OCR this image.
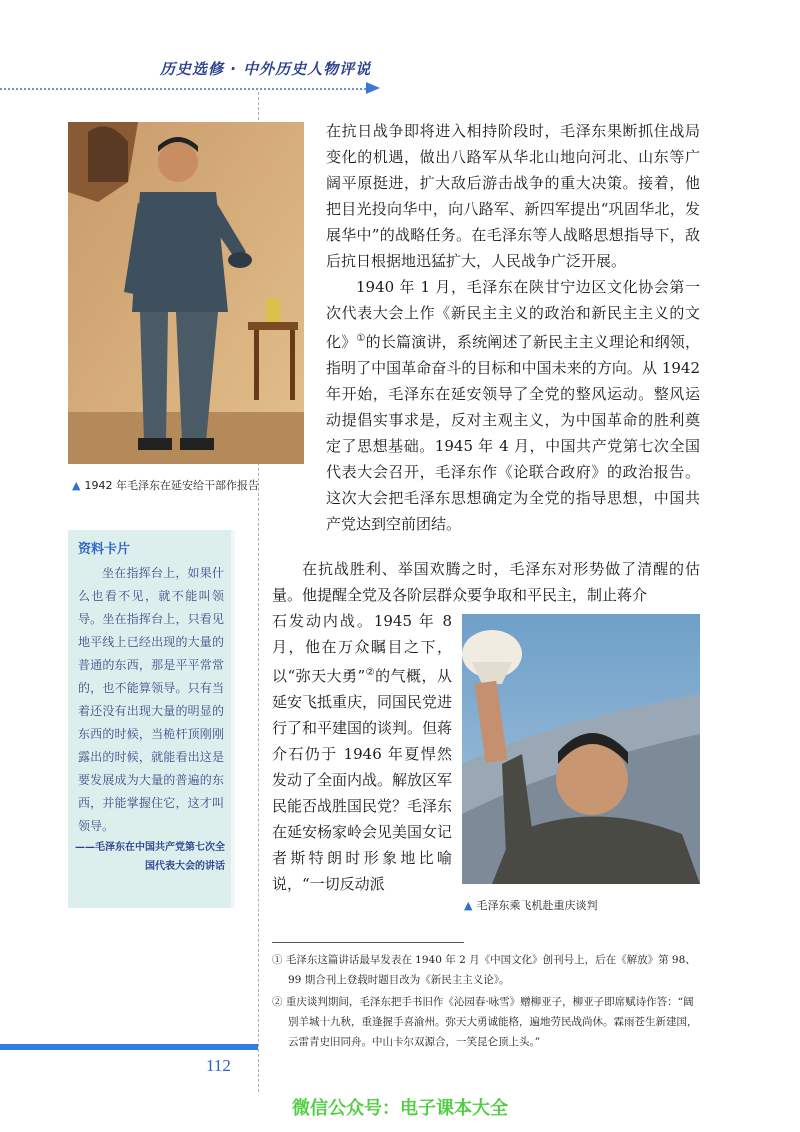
历史选修 · 中外历史人物评说
▲ 1942 年毛泽东在延安给干部作报告

在抗日战争即将进入相持阶段时，毛泽东果断抓住战局变化的机遇，做出八路军从华北山地向河北、山东等广阔平原挺进，扩大敌后游击战争的重大决策。接着，他把目光投向华中，向八路军、新四军提出“巩固华北，发展华中”的战略任务。在毛泽东等人战略思想指导下，敌后抗日根据地迅猛扩大，人民战争广泛开展。

1940 年 1 月，毛泽东在陕甘宁边区文化协会第一次代表大会上作《新民主主义的政治和新民主主义的文化》①的长篇演讲，系统阐述了新民主主义理论和纲领，指明了中国革命奋斗的目标和中国未来的方向。从 1942 年开始，毛泽东在延安领导了全党的整风运动。整风运动提倡实事求是，反对主观主义，为中国革命的胜利奠定了思想基础。1945 年 4 月，中国共产党第七次全国代表大会召开，毛泽东作《论联合政府》的政治报告。这次大会把毛泽东思想确定为全党的指导思想，中国共产党达到空前团结。

资料卡片
坐在指挥台上，如果什么也看不见，就不能叫领导。坐在指挥台上，只看见地平线上已经出现的大量的普通的东西，那是平平常常的，也不能算领导。只有当着还没有出现大量的明显的东西的时候，当桅杆顶刚刚露出的时候，就能看出这是要发展成为大量的普遍的东西，并能掌握住它，这才叫领导。
——毛泽东在中国共产党第七次全国代表大会的讲话

在抗战胜利、举国欢腾之时，毛泽东对形势做了清醒的估量。他提醒全党及各阶层群众要争取和平民主，制止蒋介

石发动内战。1945 年 8 月，他在万众瞩目之下，以“弥天大勇”②的气概，从延安飞抵重庆，同国民党进行了和平建国的谈判。但蒋介石仍于 1946 年夏悍然发动了全面内战。解放区军民能否战胜国民党？毛泽东在延安杨家岭会见美国女记者斯特朗时形象地比喻说，“一切反动派

▲ 毛泽东乘飞机赴重庆谈判

① 毛泽东这篇讲话最早发表在 1940 年 2 月《中国文化》创刊号上，后在《解放》第 98、99 期合刊上登载时题目改为《新民主主义论》。

② 重庆谈判期间，毛泽东把手书旧作《沁园春·咏雪》赠柳亚子，柳亚子即席赋诗作答：“阔别羊城十九秋，重逢握手喜渝州。弥天大勇诚能格，遍地劳民战尚休。霖雨苍生新建国，云雷青史旧同舟。中山卡尔双源合，一笑昆仑顶上头。”

112
微信公众号：电子课本大全
